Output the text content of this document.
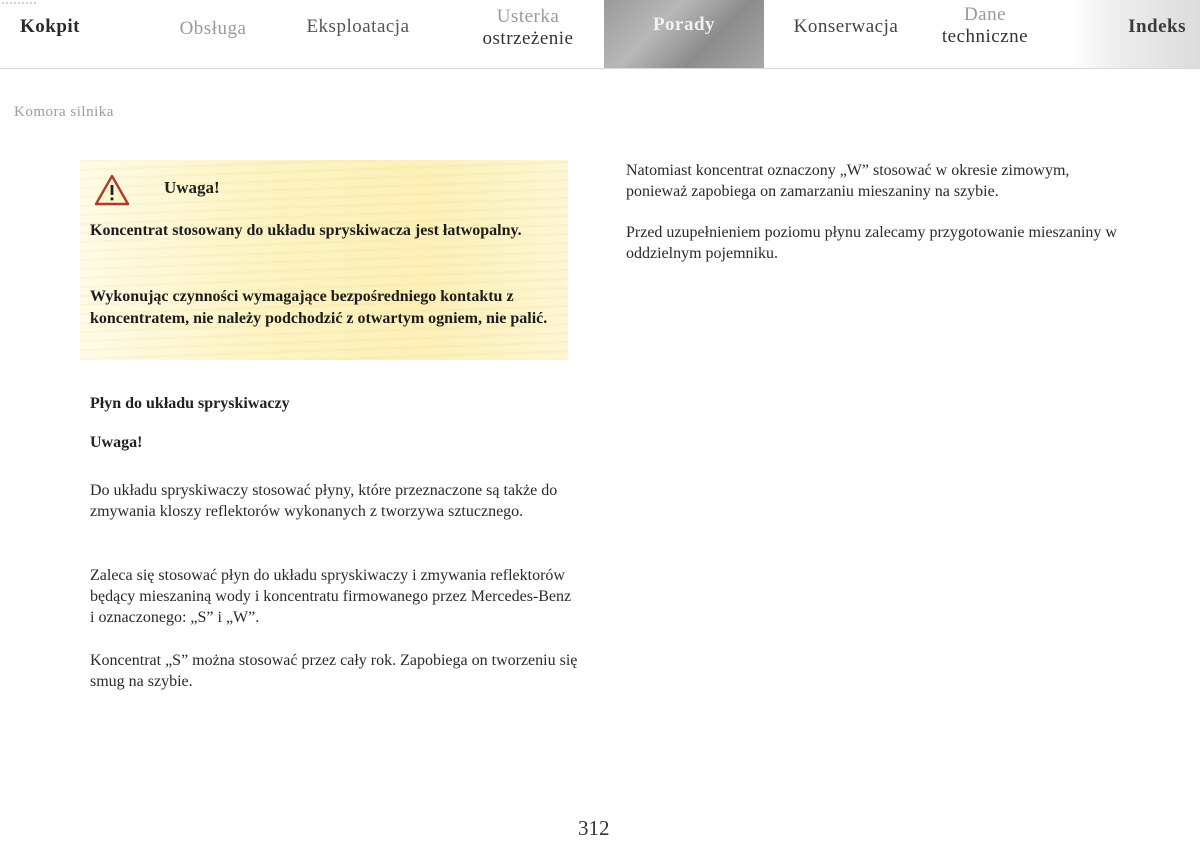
Kokpit	Obsługa	Eksploatacja	Usterka
ostrzeżenie
Porady	Konserwacja
Dane
techniczne	Indeks
Komora silnika
Uwaga!

Koncentrat stosowany do układu spryskiwacza jest łatwopalny.

Wykonując czynności wymagające bezpośredniego kontaktu z koncentratem, nie należy podchodzić z otwartym ogniem, nie palić.

Płyn do układu spryskiwaczy

Uwaga!

Do układu spryskiwaczy stosować płyny, które przeznaczone są także do zmywania kloszy reflektorów wykonanych z tworzywa sztucznego.

Zaleca się stosować płyn do układu spryskiwaczy i zmywania reflektorów będący mieszaniną wody i koncentratu firmowanego przez Mercedes-Benz i oznaczonego: „S” i „W”.

Koncentrat „S” można stosować przez cały rok. Zapobiega on tworzeniu się smug na szybie.

Natomiast koncentrat oznaczony „W” stosować w okresie zimowym, ponieważ zapobiega on zamarzaniu mieszaniny na szybie.

Przed uzupełnieniem poziomu płynu zalecamy przygotowanie mieszaniny w oddzielnym pojemniku.

312
